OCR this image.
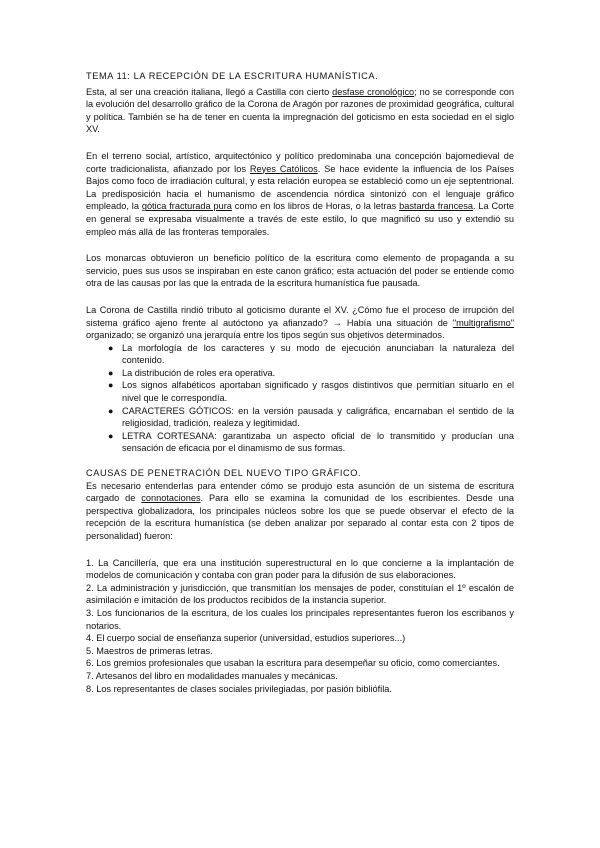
TEMA 11: LA RECEPCIÓN DE LA ESCRITURA HUMANÍSTICA.

Esta, al ser una creación italiana, llegó a Castilla con cierto desfase cronológico; no se corresponde con la evolución del desarrollo gráfico de la Corona de Aragón por razones de proximidad geográfica, cultural y política. También se ha de tener en cuenta la impregnación del goticismo en esta sociedad en el siglo XV.

En el terreno social, artístico, arquitectónico y político predominaba una concepción bajomedieval de corte tradicionalista, afianzado por los Reyes Católicos. Se hace evidente la influencia de los Países Bajos como foco de irradiación cultural, y esta relación europea se estableció como un eje septentrional. La predisposición hacia el humanismo de ascendencia nórdica sintonizó con el lenguaje gráfico empleado, la gótica fracturada pura como en los libros de Horas, o la letras bastarda francesa. La Corte en general se expresaba visualmente a través de este estilo, lo que magnificó su uso y extendió su empleo más allá de las fronteras temporales.

Los monarcas obtuvieron un beneficio político de la escritura como elemento de propaganda a su servicio, pues sus usos se inspiraban en este canon gráfico; esta actuación del poder se entiende como otra de las causas por las que la entrada de la escritura humanística fue pausada.

La Corona de Castilla rindió tributo al goticismo durante el XV. ¿Cómo fue el proceso de irrupción del sistema gráfico ajeno frente al autóctono ya afianzado? → Había una situación de "multigrafismo" organizado; se organizó una jerarquía entre los tipos según sus objetivos determinados.

● La morfología de los caracteres y su modo de ejecución anunciaban la naturaleza del contenido.
● La distribución de roles era operativa.
● Los signos alfabéticos aportaban significado y rasgos distintivos que permitían situarlo en el nivel que le correspondía.
● CARACTERES GÓTICOS: en la versión pausada y caligráfica, encarnaban el sentido de la religiosidad, tradición, realeza y legitimidad.
● LETRA CORTESANA: garantizaba un aspecto oficial de lo transmitido y producían una sensación de eficacia por el dinamismo de sus formas.
CAUSAS DE PENETRACIÓN DEL NUEVO TIPO GRÁFICO.

Es necesario entenderlas para entender cómo se produjo esta asunción de un sistema de escritura cargado de connotaciones. Para ello se examina la comunidad de los escribientes. Desde una perspectiva globalizadora, los principales núcleos sobre los que se puede observar el efecto de la recepción de la escritura humanística (se deben analizar por separado al contar esta con 2 tipos de personalidad) fueron:

1. La Cancillería, que era una institución superestructural en lo que concierne a la implantación de modelos de comunicación y contaba con gran poder para la difusión de sus elaboraciones.
2. La administración y jurisdicción, que transmitían los mensajes de poder, constituían el 1º escalón de asimilación e imitación de los productos recibidos de la instancia superior.
3. Los funcionarios de la escritura, de los cuales los principales representantes fueron los escribanos y notarios.
4. El cuerpo social de enseñanza superior (universidad, estudios superiores...)
5. Maestros de primeras letras.
6. Los gremios profesionales que usaban la escritura para desempeñar su oficio, como comerciantes.
7. Artesanos del libro en modalidades manuales y mecánicas.
8. Los representantes de clases sociales privilegiadas, por pasión bibliófila.
